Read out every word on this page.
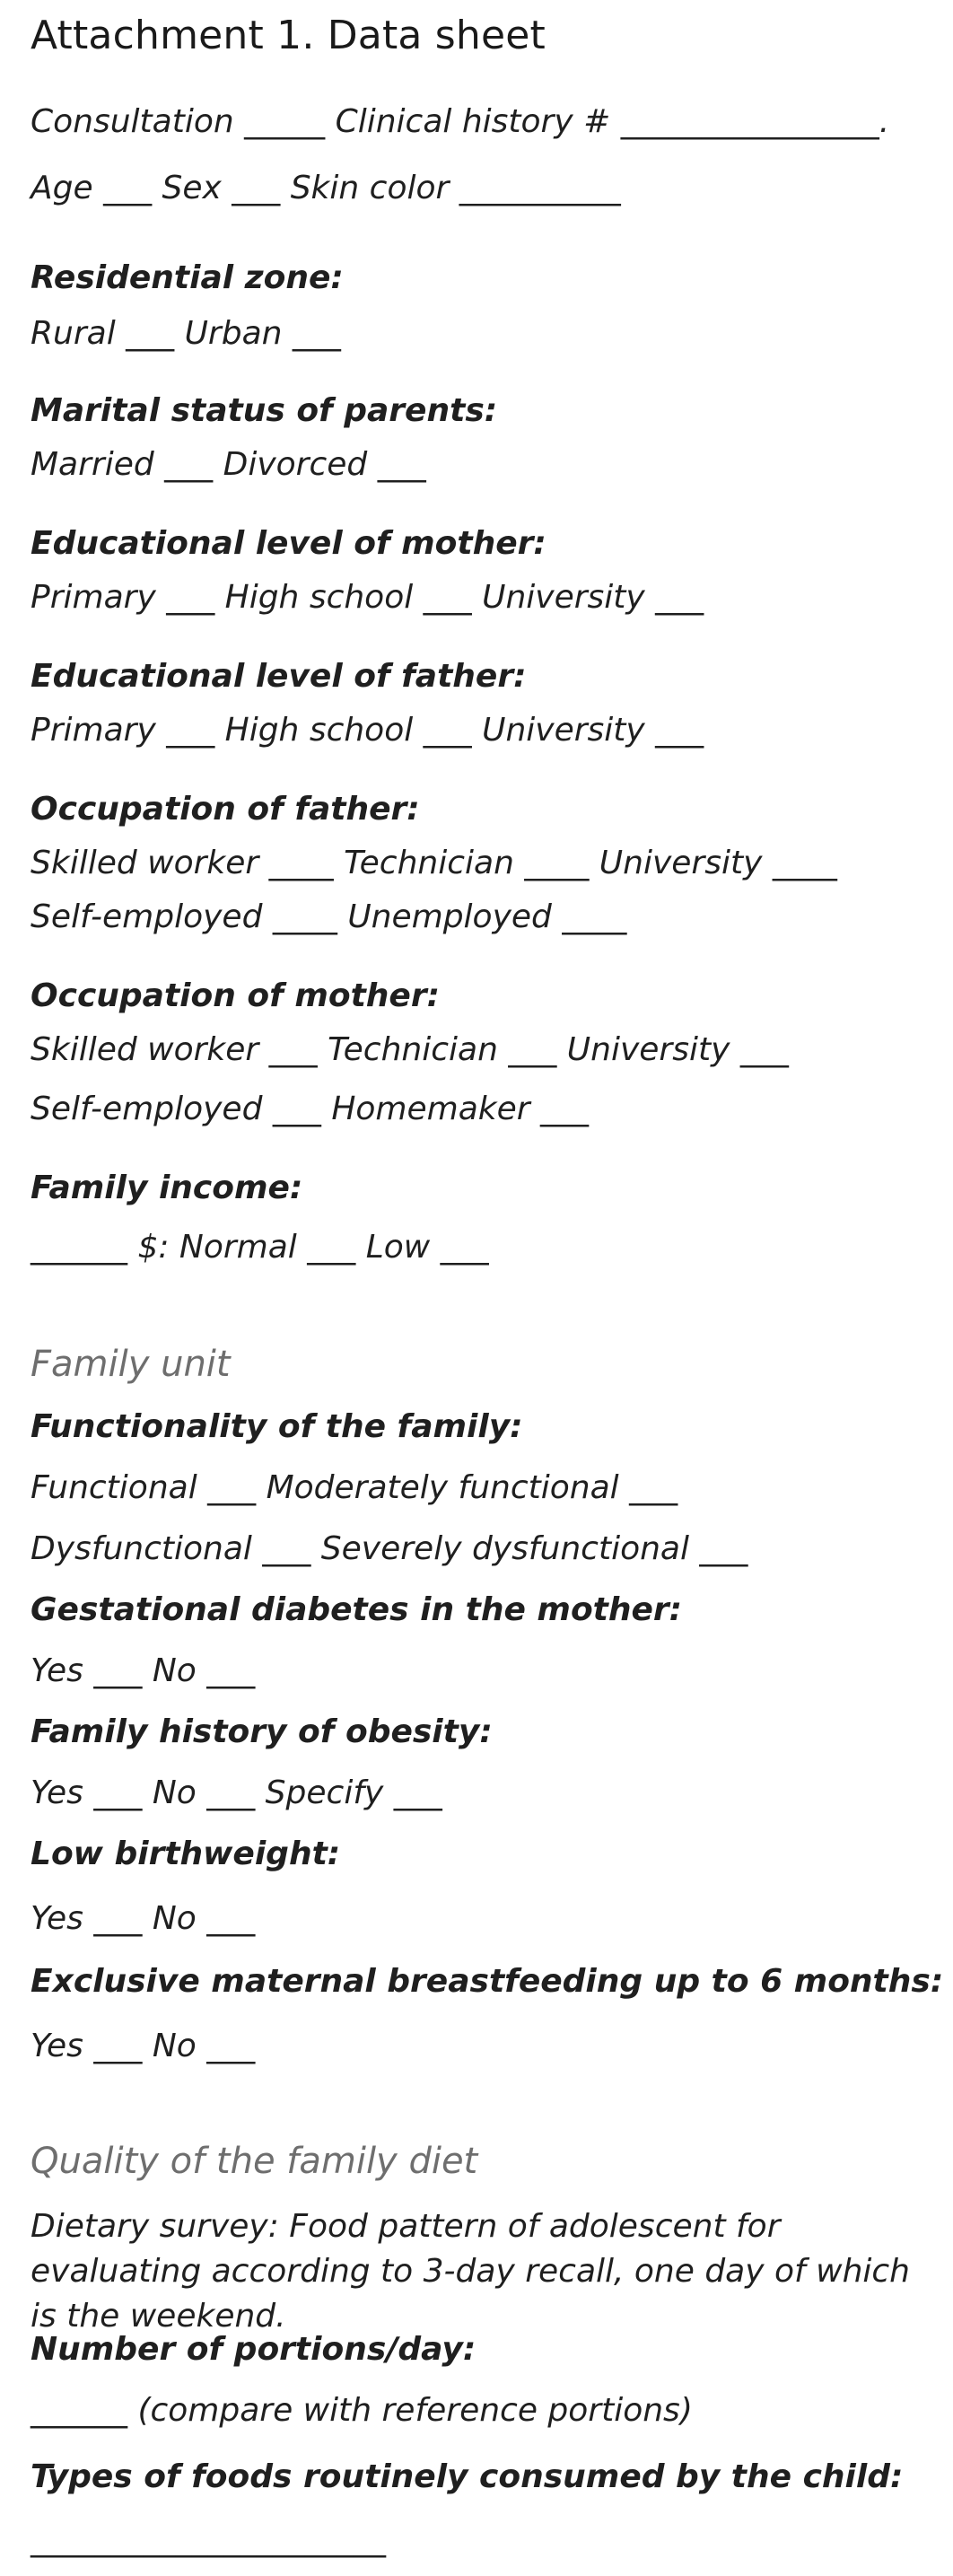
Attachment 1. Data sheet
Consultation _____ Clinical history # ________________.
Age ___ Sex ___ Skin color __________
Residential zone:
Rural ___ Urban ___
Marital status of parents:
Married ___ Divorced ___
Educational level of mother:
Primary ___ High school ___ University ___
Educational level of father:
Primary ___ High school ___ University ___
Occupation of father:
Skilled worker ____ Technician ____ University ____
Self-employed ____ Unemployed ____
Occupation of mother:
Skilled worker ___ Technician ___ University ___
Self-employed ___ Homemaker ___
Family income:
______ $: Normal ___ Low ___
Family unit
Functionality of the family:
Functional ___ Moderately functional ___
Dysfunctional ___ Severely dysfunctional ___
Gestational diabetes in the mother:
Yes ___ No ___
Family history of obesity:
Yes ___ No ___ Specify ___
Low birthweight:
Yes ___ No ___
Exclusive maternal breastfeeding up to 6 months:
Yes ___ No ___
Quality of the family diet
Dietary survey: Food pattern of adolescent for evaluating according to 3-day recall, one day of which is the weekend.
Number of portions/day:
______ (compare with reference portions)
Types of foods routinely consumed by the child:
______________________
